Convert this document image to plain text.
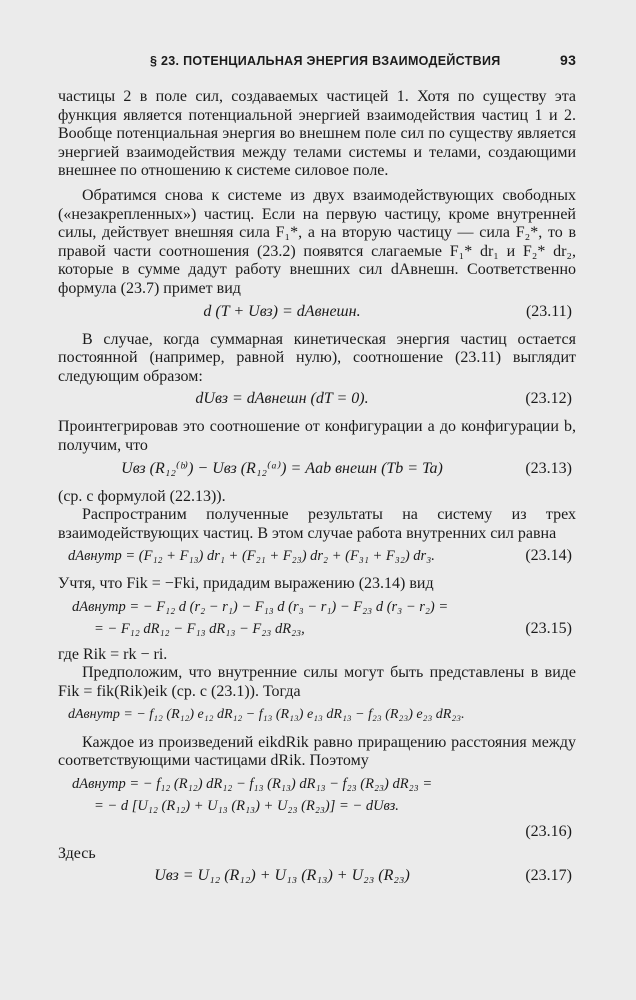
§ 23. ПОТЕНЦИАЛЬНАЯ ЭНЕРГИЯ ВЗАИМОДЕЙСТВИЯ	93

частицы 2 в поле сил, создаваемых частицей 1. Хотя по существу эта функция является потенциальной энергией взаимодействия частиц 1 и 2. Вообще потенциальная энергия во внешнем поле сил по существу является энергией взаимодействия между телами системы и телами, создающими внешнее по отношению к системе силовое поле.

Обратимся снова к системе из двух взаимодействующих свободных («незакрепленных») частиц. Если на первую частицу, кроме внутренней силы, действует внешняя сила F₁*, а на вторую частицу — сила F₂*, то в правой части соотношения (23.2) появятся слагаемые F₁* dr₁ и F₂* dr₂, которые в сумме дадут работу внешних сил dAвнешн. Соответственно формула (23.7) примет вид

d (T + Uвз) = dAвнешн.	(23.11)

В случае, когда суммарная кинетическая энергия частиц остается постоянной (например, равной нулю), соотношение (23.11) выглядит следующим образом:

dUвз = dAвнешн (dT = 0).	(23.12)

Проинтегрировав это соотношение от конфигурации a до конфигурации b, получим, что

Uвз (R₁₂⁽ᵇ⁾) − Uвз (R₁₂⁽ᵃ⁾) = Aab внешн (Tb = Ta)	(23.13)

(ср. с формулой (22.13)).

Распространим полученные результаты на систему из трех взаимодействующих частиц. В этом случае работа внутренних сил равна

dAвнутр = (F₁₂ + F₁₃) dr₁ + (F₂₁ + F₂₃) dr₂ + (F₃₁ + F₃₂) dr₃.	(23.14)

Учтя, что Fik = −Fki, придадим выражению (23.14) вид

dAвнутр = − F₁₂ d (r₂ − r₁) − F₁₃ d (r₃ − r₁) − F₂₃ d (r₃ − r₂) =
= − F₁₂ dR₁₂ − F₁₃ dR₁₃ − F₂₃ dR₂₃,	(23.15)

где Rik = rk − ri.

Предположим, что внутренние силы могут быть представлены в виде Fik = fik(Rik)eik (ср. с (23.1)). Тогда

dAвнутр = − f₁₂ (R₁₂) e₁₂ dR₁₂ − f₁₃ (R₁₃) e₁₃ dR₁₃ − f₂₃ (R₂₃) e₂₃ dR₂₃.

Каждое из произведений eikdRik равно приращению расстояния между соответствующими частицами dRik. Поэтому

dAвнутр = − f₁₂ (R₁₂) dR₁₂ − f₁₃ (R₁₃) dR₁₃ − f₂₃ (R₂₃) dR₂₃ =
= − d [U₁₂ (R₁₂) + U₁₃ (R₁₃) + U₂₃ (R₂₃)] = − dUвз.
(23.16)

Здесь

Uвз = U₁₂ (R₁₂) + U₁₃ (R₁₃) + U₂₃ (R₂₃)	(23.17)
